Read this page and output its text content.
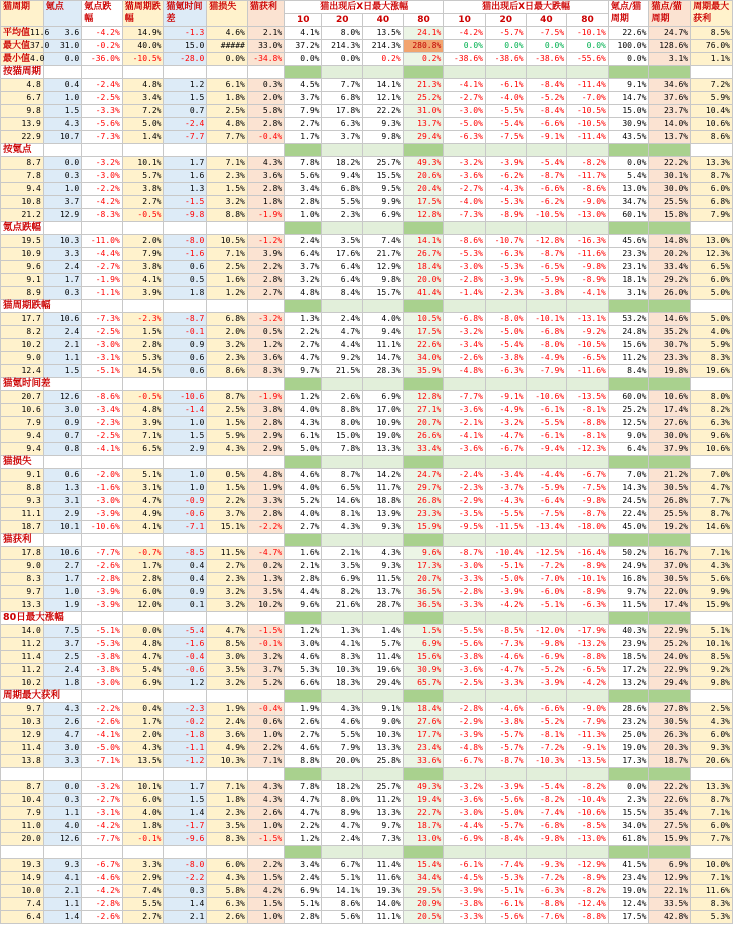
猫周期	氪点	氪点跌幅	猫周期跌幅	猫氪时间差	猫损失	猫获利	猫出现后X日最大涨幅				猫出现后X日最大跌幅				氪点/猫周期	猫点/猫周期	周期最大获利
							10	20	40	80	10	20	40	80			

平均值 11.6	3.6	-4.2%	14.9%	-1.3	4.6%	2.1%	4.1%	8.0%	13.5%	24.1%	-4.2%	-5.7%	-7.5%	-10.1%	22.6%	24.7%	8.5%

最大值 37.0	31.0	-0.2%	40.0%	15.0	#####	33.0%	37.2%	214.3%	214.3%	280.8%	0.0%	0.0%	0.0%	0.0%	100.0%	128.6%	76.0%

最小值 4.0	0.0	-36.0%	-10.5%	-28.0	0.0%	-34.8%	0.0%	0.0%	0.2%	0.2%	-38.6%	-38.6%	-38.6%	-55.6%	0.0%	3.1%	1.1%
按猫周期																	
4.8	0.4	-2.4%	4.8%	1.2	6.1%	0.3%	4.5%	7.7%	14.1%	21.3%	-4.1%	-6.1%	-8.4%	-11.4%	9.1%	34.6%	7.2%
6.7	1.0	-2.5%	3.4%	1.5	1.8%	2.0%	3.7%	6.8%	12.1%	25.2%	-2.7%	-4.0%	-5.2%	-7.0%	14.7%	37.6%	5.9%
9.8	1.5	-3.3%	7.2%	0.7	2.5%	5.8%	7.9%	17.8%	22.2%	31.0%	-3.0%	-5.5%	-8.4%	-10.5%	15.0%	23.7%	10.4%
13.9	4.3	-5.6%	5.0%	-2.4	4.8%	2.8%	2.7%	6.3%	9.3%	13.7%	-5.0%	-5.4%	-6.6%	-10.5%	30.9%	14.0%	10.6%
22.9	10.7	-7.3%	1.4%	-7.7	7.7%	-0.4%	1.7%	3.7%	9.8%	29.4%	-6.3%	-7.5%	-9.1%	-11.4%	43.5%	13.7%	8.6%
按氪点																	
8.7	0.0	-3.2%	10.1%	1.7	7.1%	4.3%	7.8%	18.2%	25.7%	49.3%	-3.2%	-3.9%	-5.4%	-8.2%	0.0%	22.2%	13.3%
7.8	0.3	-3.0%	5.7%	1.6	2.3%	3.6%	5.6%	9.4%	15.5%	20.6%	-3.6%	-6.2%	-8.7%	-11.7%	5.4%	30.1%	8.7%
9.4	1.0	-2.2%	3.8%	1.3	1.5%	2.8%	3.4%	6.8%	9.5%	20.4%	-2.7%	-4.3%	-6.6%	-8.6%	13.0%	30.0%	6.0%
10.8	3.7	-4.2%	2.7%	-1.5	3.2%	1.8%	2.8%	5.5%	9.9%	17.5%	-4.0%	-5.3%	-6.2%	-9.0%	34.7%	25.5%	6.8%
21.2	12.9	-8.3%	-0.5%	-9.8	8.8%	-1.9%	1.0%	2.3%	6.9%	12.8%	-7.3%	-8.9%	-10.5%	-13.0%	60.1%	15.8%	7.9%
氪点跌幅																	
19.5	10.3	-11.0%	2.0%	-8.0	10.5%	-1.2%	2.4%	3.5%	7.4%	14.1%	-8.6%	-10.7%	-12.8%	-16.3%	45.6%	14.8%	13.0%
10.9	3.3	-4.4%	7.9%	-1.6	7.1%	3.9%	6.4%	17.6%	21.7%	26.7%	-5.3%	-6.3%	-8.7%	-11.6%	23.3%	20.2%	12.3%
9.6	2.4	-2.7%	3.8%	0.6	2.5%	2.2%	3.7%	6.4%	12.9%	18.4%	-3.0%	-5.3%	-6.5%	-9.8%	23.1%	33.4%	6.5%
9.1	1.7	-1.9%	4.1%	0.5	1.6%	2.8%	3.2%	6.4%	9.8%	20.0%	-2.8%	-3.9%	-5.9%	-8.9%	18.1%	29.2%	6.0%
8.9	0.3	-1.1%	3.9%	1.8	1.2%	2.7%	4.8%	8.4%	15.7%	41.4%	-1.4%	-2.3%	-3.8%	-4.1%	3.1%	26.0%	5.0%
猫周期跌幅																	
17.7	10.6	-7.3%	-2.3%	-8.7	6.8%	-3.2%	1.3%	2.4%	4.0%	10.5%	-6.8%	-8.0%	-10.1%	-13.1%	53.2%	14.6%	5.0%
8.2	2.4	-2.5%	1.5%	-0.1	2.0%	0.5%	2.2%	4.7%	9.4%	17.5%	-3.2%	-5.0%	-6.8%	-9.2%	24.8%	35.2%	4.0%
10.2	2.1	-3.0%	2.8%	0.9	3.2%	1.2%	2.7%	4.4%	11.1%	22.6%	-3.4%	-5.4%	-8.0%	-10.5%	15.6%	30.7%	5.9%
9.0	1.1	-3.1%	5.3%	0.6	2.3%	3.6%	4.7%	9.2%	14.7%	34.0%	-2.6%	-3.8%	-4.9%	-6.5%	11.2%	23.3%	8.3%
12.4	1.5	-5.1%	14.5%	0.6	8.6%	8.3%	9.7%	21.5%	28.3%	35.9%	-4.8%	-6.3%	-7.9%	-11.6%	8.4%	19.8%	19.6%
猫氪时间差																	
20.7	12.6	-8.6%	-0.5%	-10.6	8.7%	-1.9%	1.2%	2.6%	6.9%	12.8%	-7.7%	-9.1%	-10.6%	-13.5%	60.0%	10.6%	8.0%
10.6	3.0	-3.4%	4.8%	-1.4	2.5%	3.8%	4.0%	8.8%	17.0%	27.1%	-3.6%	-4.9%	-6.1%	-8.1%	25.2%	17.4%	8.2%
7.9	0.9	-2.3%	3.9%	1.0	1.5%	2.8%	4.3%	8.0%	10.9%	20.7%	-2.1%	-3.2%	-5.5%	-8.8%	12.5%	27.6%	6.3%
9.4	0.7	-2.5%	7.1%	1.5	5.9%	2.9%	6.1%	15.0%	19.0%	26.6%	-4.1%	-4.7%	-6.1%	-8.1%	9.0%	30.0%	9.6%
9.4	0.8	-4.1%	6.5%	2.9	4.3%	2.9%	5.0%	7.8%	13.3%	33.4%	-3.6%	-6.7%	-9.4%	-12.3%	6.4%	37.9%	10.6%
猫损失																	
9.1	0.6	-2.0%	5.1%	1.0	0.5%	4.8%	4.6%	8.7%	14.2%	24.7%	-2.4%	-3.4%	-4.4%	-6.7%	7.0%	21.2%	7.0%
8.8	1.3	-1.6%	3.1%	1.0	1.5%	1.9%	4.0%	6.5%	11.7%	29.7%	-2.3%	-3.7%	-5.9%	-7.5%	14.3%	30.5%	4.7%
9.3	3.1	-3.0%	4.7%	-0.9	2.2%	3.3%	5.2%	14.6%	18.8%	26.8%	-2.9%	-4.3%	-6.4%	-9.8%	24.5%	26.8%	7.7%
11.1	2.9	-3.9%	4.9%	-0.6	3.7%	2.8%	4.0%	8.1%	13.9%	23.3%	-3.5%	-5.5%	-7.5%	-8.7%	22.4%	25.5%	8.7%
18.7	10.1	-10.6%	4.1%	-7.1	15.1%	-2.2%	2.7%	4.3%	9.3%	15.9%	-9.5%	-11.5%	-13.4%	-18.0%	45.0%	19.2%	14.6%
猫获利																	
17.8	10.6	-7.7%	-0.7%	-8.5	11.5%	-4.7%	1.6%	2.1%	4.3%	9.6%	-8.7%	-10.4%	-12.5%	-16.4%	50.2%	16.7%	7.1%
9.0	2.7	-2.6%	1.7%	0.4	2.7%	0.2%	2.1%	3.5%	9.3%	17.3%	-3.0%	-5.1%	-7.2%	-8.9%	24.9%	37.0%	4.3%
8.3	1.7	-2.8%	2.8%	0.4	2.3%	1.3%	2.8%	6.9%	11.5%	20.7%	-3.3%	-5.0%	-7.0%	-10.1%	16.8%	30.5%	5.6%
9.7	1.0	-3.9%	6.0%	0.9	3.2%	3.5%	4.4%	8.2%	13.7%	36.5%	-2.8%	-3.9%	-6.0%	-8.9%	9.7%	22.0%	9.9%
13.3	1.9	-3.9%	12.0%	0.1	3.2%	10.2%	9.6%	21.6%	28.7%	36.5%	-3.3%	-4.2%	-5.1%	-6.3%	11.5%	17.4%	15.9%
80日最大涨幅																	
14.0	7.5	-5.1%	0.0%	-5.4	4.7%	-1.5%	1.2%	1.3%	1.4%	1.5%	-5.5%	-8.5%	-12.0%	-17.9%	40.3%	22.9%	5.1%
11.2	3.7	-5.3%	4.8%	-1.6	8.5%	-0.1%	3.0%	4.1%	5.7%	6.9%	-5.6%	-7.3%	-9.8%	-13.2%	23.9%	25.2%	10.1%
11.4	2.5	-3.8%	4.7%	-0.4	3.0%	3.2%	4.6%	8.3%	11.4%	15.6%	-3.8%	-4.6%	-6.9%	-8.8%	18.5%	24.0%	8.5%
11.2	2.4	-3.8%	5.4%	-0.6	3.5%	3.7%	5.3%	10.3%	19.6%	30.9%	-3.6%	-4.7%	-5.2%	-6.5%	17.2%	22.9%	9.2%
10.2	1.8	-3.0%	6.9%	1.2	3.2%	5.2%	6.6%	18.3%	29.4%	65.7%	-2.5%	-3.3%	-3.9%	-4.2%	13.2%	29.4%	9.8%
周期最大获利																	
9.7	4.3	-2.2%	0.4%	-2.3	1.9%	-0.4%	1.9%	4.3%	9.1%	18.4%	-2.8%	-4.6%	-6.6%	-9.0%	28.6%	27.8%	2.5%
10.3	2.6	-2.6%	1.7%	-0.2	2.4%	0.6%	2.6%	4.6%	9.0%	27.6%	-2.9%	-3.8%	-5.2%	-7.9%	23.2%	30.5%	4.3%
12.9	4.7	-4.1%	2.0%	-1.8	3.6%	1.0%	2.7%	5.5%	10.3%	17.7%	-3.9%	-5.7%	-8.1%	-11.3%	25.0%	26.3%	6.0%
11.4	3.0	-5.0%	4.3%	-1.1	4.9%	2.2%	4.6%	7.9%	13.3%	23.4%	-4.8%	-5.7%	-7.2%	-9.1%	19.0%	20.3%	9.3%
13.8	3.3	-7.1%	13.5%	-1.2	10.3%	7.1%	8.8%	20.0%	25.8%	33.6%	-6.7%	-8.7%	-10.3%	-13.5%	17.3%	18.7%	20.6%

8.7	0.0	-3.2%	10.1%	1.7	7.1%	4.3%	7.8%	18.2%	25.7%	49.3%	-3.2%	-3.9%	-5.4%	-8.2%	0.0%	22.2%	13.3%
10.4	0.3	-2.7%	6.0%	1.5	1.8%	4.3%	4.7%	8.0%	11.2%	19.4%	-3.6%	-5.6%	-8.2%	-10.4%	2.3%	22.6%	8.7%
7.9	1.1	-3.1%	4.0%	1.4	2.3%	2.6%	4.7%	8.9%	13.3%	22.7%	-3.0%	-5.0%	-7.4%	-10.6%	15.5%	35.4%	7.1%
11.0	4.0	-4.2%	1.8%	-1.7	3.5%	1.0%	2.2%	4.7%	9.7%	18.7%	-4.4%	-5.7%	-6.8%	-8.5%	34.0%	27.5%	6.0%
20.0	12.6	-7.7%	-0.1%	-9.6	8.3%	-1.5%	1.2%	2.4%	7.3%	13.0%	-6.9%	-8.4%	-9.8%	-13.0%	61.8%	15.9%	7.7%

19.3	9.3	-6.7%	3.3%	-8.0	6.0%	2.2%	3.4%	6.7%	11.4%	15.4%	-6.1%	-7.4%	-9.3%	-12.9%	41.5%	6.9%	10.0%
14.9	4.1	-4.6%	2.9%	-2.2	4.3%	1.5%	2.4%	5.1%	11.6%	34.4%	-4.5%	-5.3%	-7.2%	-8.9%	23.4%	12.9%	7.1%
10.0	2.1	-4.2%	7.4%	0.3	5.8%	4.2%	6.9%	14.1%	19.3%	29.5%	-3.9%	-5.1%	-6.3%	-8.2%	19.0%	22.1%	11.6%
7.4	1.1	-2.8%	5.5%	1.4	6.3%	1.5%	5.1%	8.6%	14.0%	20.9%	-3.8%	-6.1%	-8.8%	-12.4%	12.4%	33.5%	8.3%
6.4	1.4	-2.6%	2.7%	2.1	2.6%	1.0%	2.8%	5.6%	11.1%	20.5%	-3.3%	-5.6%	-7.6%	-8.8%	17.5%	42.8%	5.3%
